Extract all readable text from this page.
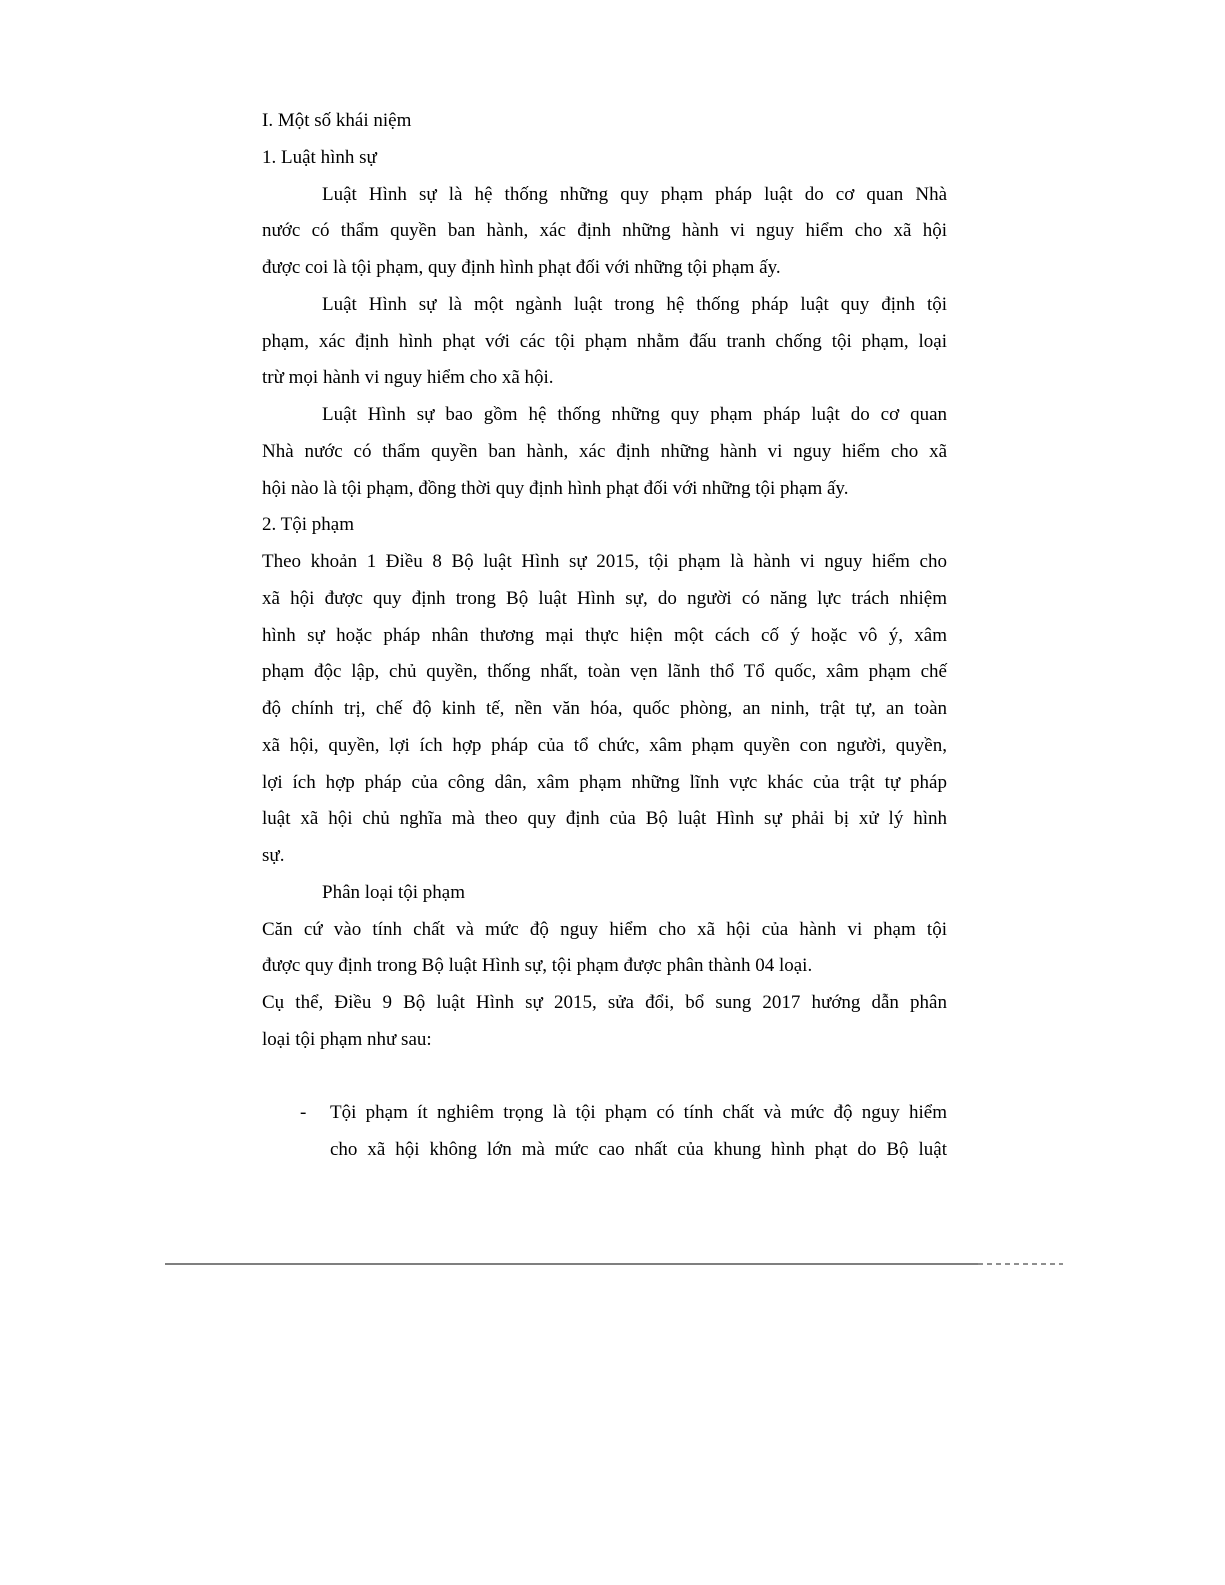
I. Một số khái niệm
1. Luật hình sự
Luật Hình sự là hệ thống những quy phạm pháp luật do cơ quan Nhà
nước có thẩm quyền ban hành, xác định những hành vi nguy hiểm cho xã hội
được coi là tội phạm, quy định hình phạt đối với những tội phạm ấy.
Luật Hình sự là một ngành luật trong hệ thống pháp luật quy định tội
phạm, xác định hình phạt với các tội phạm nhằm đấu tranh chống tội phạm, loại
trừ mọi hành vi nguy hiểm cho xã hội.
Luật Hình sự bao gồm hệ thống những quy phạm pháp luật do cơ quan
Nhà nước có thẩm quyền ban hành, xác định những hành vi nguy hiểm cho xã
hội nào là tội phạm, đồng thời quy định hình phạt đối với những tội phạm ấy.
2. Tội phạm
Theo khoản 1 Điều 8 Bộ luật Hình sự 2015, tội phạm là hành vi nguy hiểm cho
xã hội được quy định trong Bộ luật Hình sự, do người có năng lực trách nhiệm
hình sự hoặc pháp nhân thương mại thực hiện một cách cố ý hoặc vô ý, xâm
phạm độc lập, chủ quyền, thống nhất, toàn vẹn lãnh thổ Tổ quốc, xâm phạm chế
độ chính trị, chế độ kinh tế, nền văn hóa, quốc phòng, an ninh, trật tự, an toàn
xã hội, quyền, lợi ích hợp pháp của tổ chức, xâm phạm quyền con người, quyền,
lợi ích hợp pháp của công dân, xâm phạm những lĩnh vực khác của trật tự pháp
luật xã hội chủ nghĩa mà theo quy định của Bộ luật Hình sự phải bị xử lý hình
sự.
Phân loại tội phạm
Căn cứ vào tính chất và mức độ nguy hiểm cho xã hội của hành vi phạm tội
được quy định trong Bộ luật Hình sự, tội phạm được phân thành 04 loại.
Cụ thể, Điều 9 Bộ luật Hình sự 2015, sửa đổi, bổ sung 2017 hướng dẫn phân
loại tội phạm như sau:
- Tội phạm ít nghiêm trọng là tội phạm có tính chất và mức độ nguy hiểm
cho xã hội không lớn mà mức cao nhất của khung hình phạt do Bộ luật
